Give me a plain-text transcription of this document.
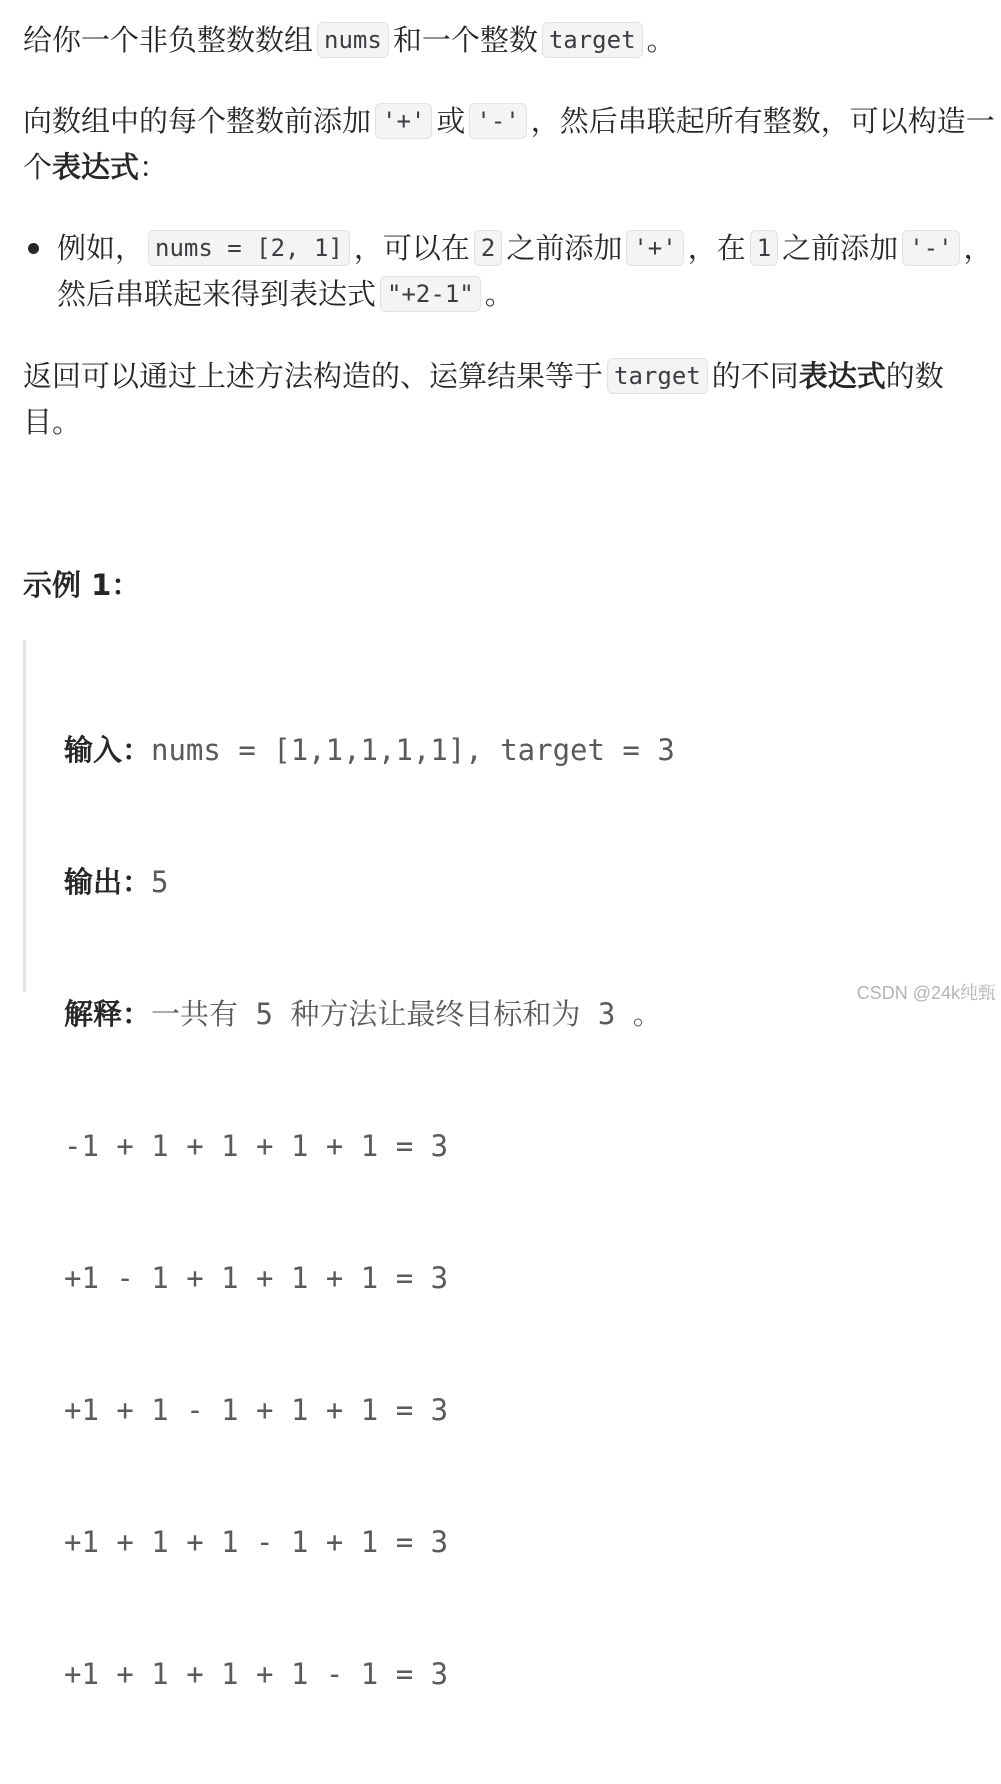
给你一个非负整数数组 nums 和一个整数 target 。

向数组中的每个整数前添加 '+' 或 '-' ，然后串联起所有整数，可以构造一个表达式：

例如， nums = [2, 1] ，可以在 2 之前添加 '+' ，在 1 之前添加 '-' ，然后串联起来得到表达式 "+2-1" 。

返回可以通过上述方法构造的、运算结果等于 target 的不同表达式的数目。

示例 1：

输入：nums = [1,1,1,1,1], target = 3

输出：5

解释：一共有 5 种方法让最终目标和为 3 。

-1 + 1 + 1 + 1 + 1 = 3

+1 - 1 + 1 + 1 + 1 = 3

+1 + 1 - 1 + 1 + 1 = 3

+1 + 1 + 1 - 1 + 1 = 3

+1 + 1 + 1 + 1 - 1 = 3

CSDN @24k纯甄
